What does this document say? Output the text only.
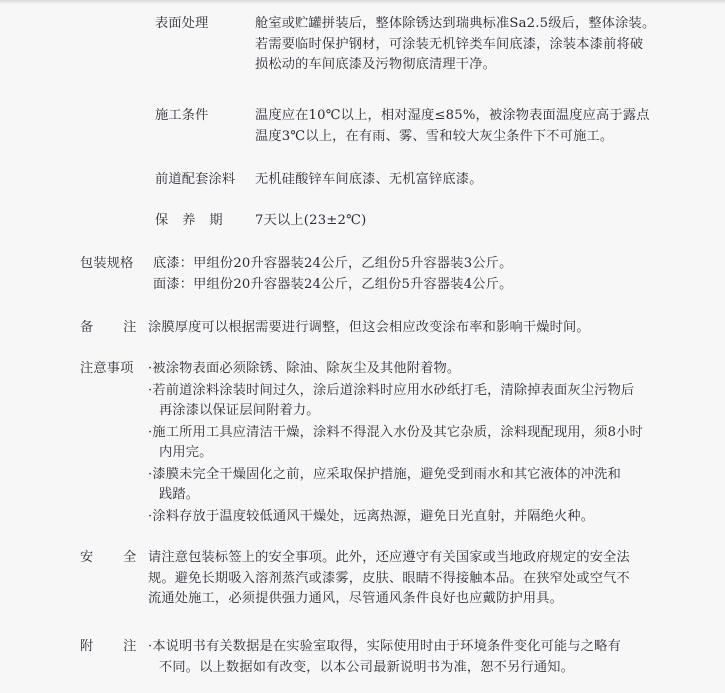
表面处理	舱室或贮罐拼装后，整体除锈达到瑞典标准Sa2.5级后，整体涂装。
若需要临时保护钢材，可涂装无机锌类车间底漆，涂装本漆前将破
损松动的车间底漆及污物彻底清理干净。
施工条件	温度应在10℃以上，相对湿度≤85%，被涂物表面温度应高于露点
温度3℃以上，在有雨、雾、雪和较大灰尘条件下不可施工。
前道配套涂料 无机硅酸锌车间底漆、无机富锌底漆。
保养期 7天以上(23±2℃)
包装规格 底漆：甲组份20升容器装24公斤，乙组份5升容器装3公斤。
面漆：甲组份20升容器装24公斤，乙组份5升容器装4公斤。
备注
涂膜厚度可以根据需要进行调整，但这会相应改变涂布率和影响干燥时间。
注意事项 ·被涂物表面必须除锈、除油、除灰尘及其他附着物。
·若前道涂料涂装时间过久，涂后道涂料时应用水砂纸打毛，清除掉表面灰尘污物后
再涂漆以保证层间附着力。
·施工所用工具应清洁干燥，涂料不得混入水份及其它杂质，涂料现配现用，须8小时
内用完。
·漆膜未完全干燥固化之前，应采取保护措施，避免受到雨水和其它液体的冲洗和
践踏。
·涂料存放于温度较低通风干燥处，远离热源，避免日光直射，并隔绝火种。
安全
请注意包装标签上的安全事项。此外，还应遵守有关国家或当地政府规定的安全法
规。避免长期吸入溶剂蒸汽或漆雾，皮肤、眼睛不得接触本品。在狭窄处或空气不
流通处施工，必须提供强力通风，尽管通风条件良好也应戴防护用具。
附注
·本说明书有关数据是在实验室取得，实际使用时由于环境条件变化可能与之略有
不同。以上数据如有改变，以本公司最新说明书为准，恕不另行通知。
